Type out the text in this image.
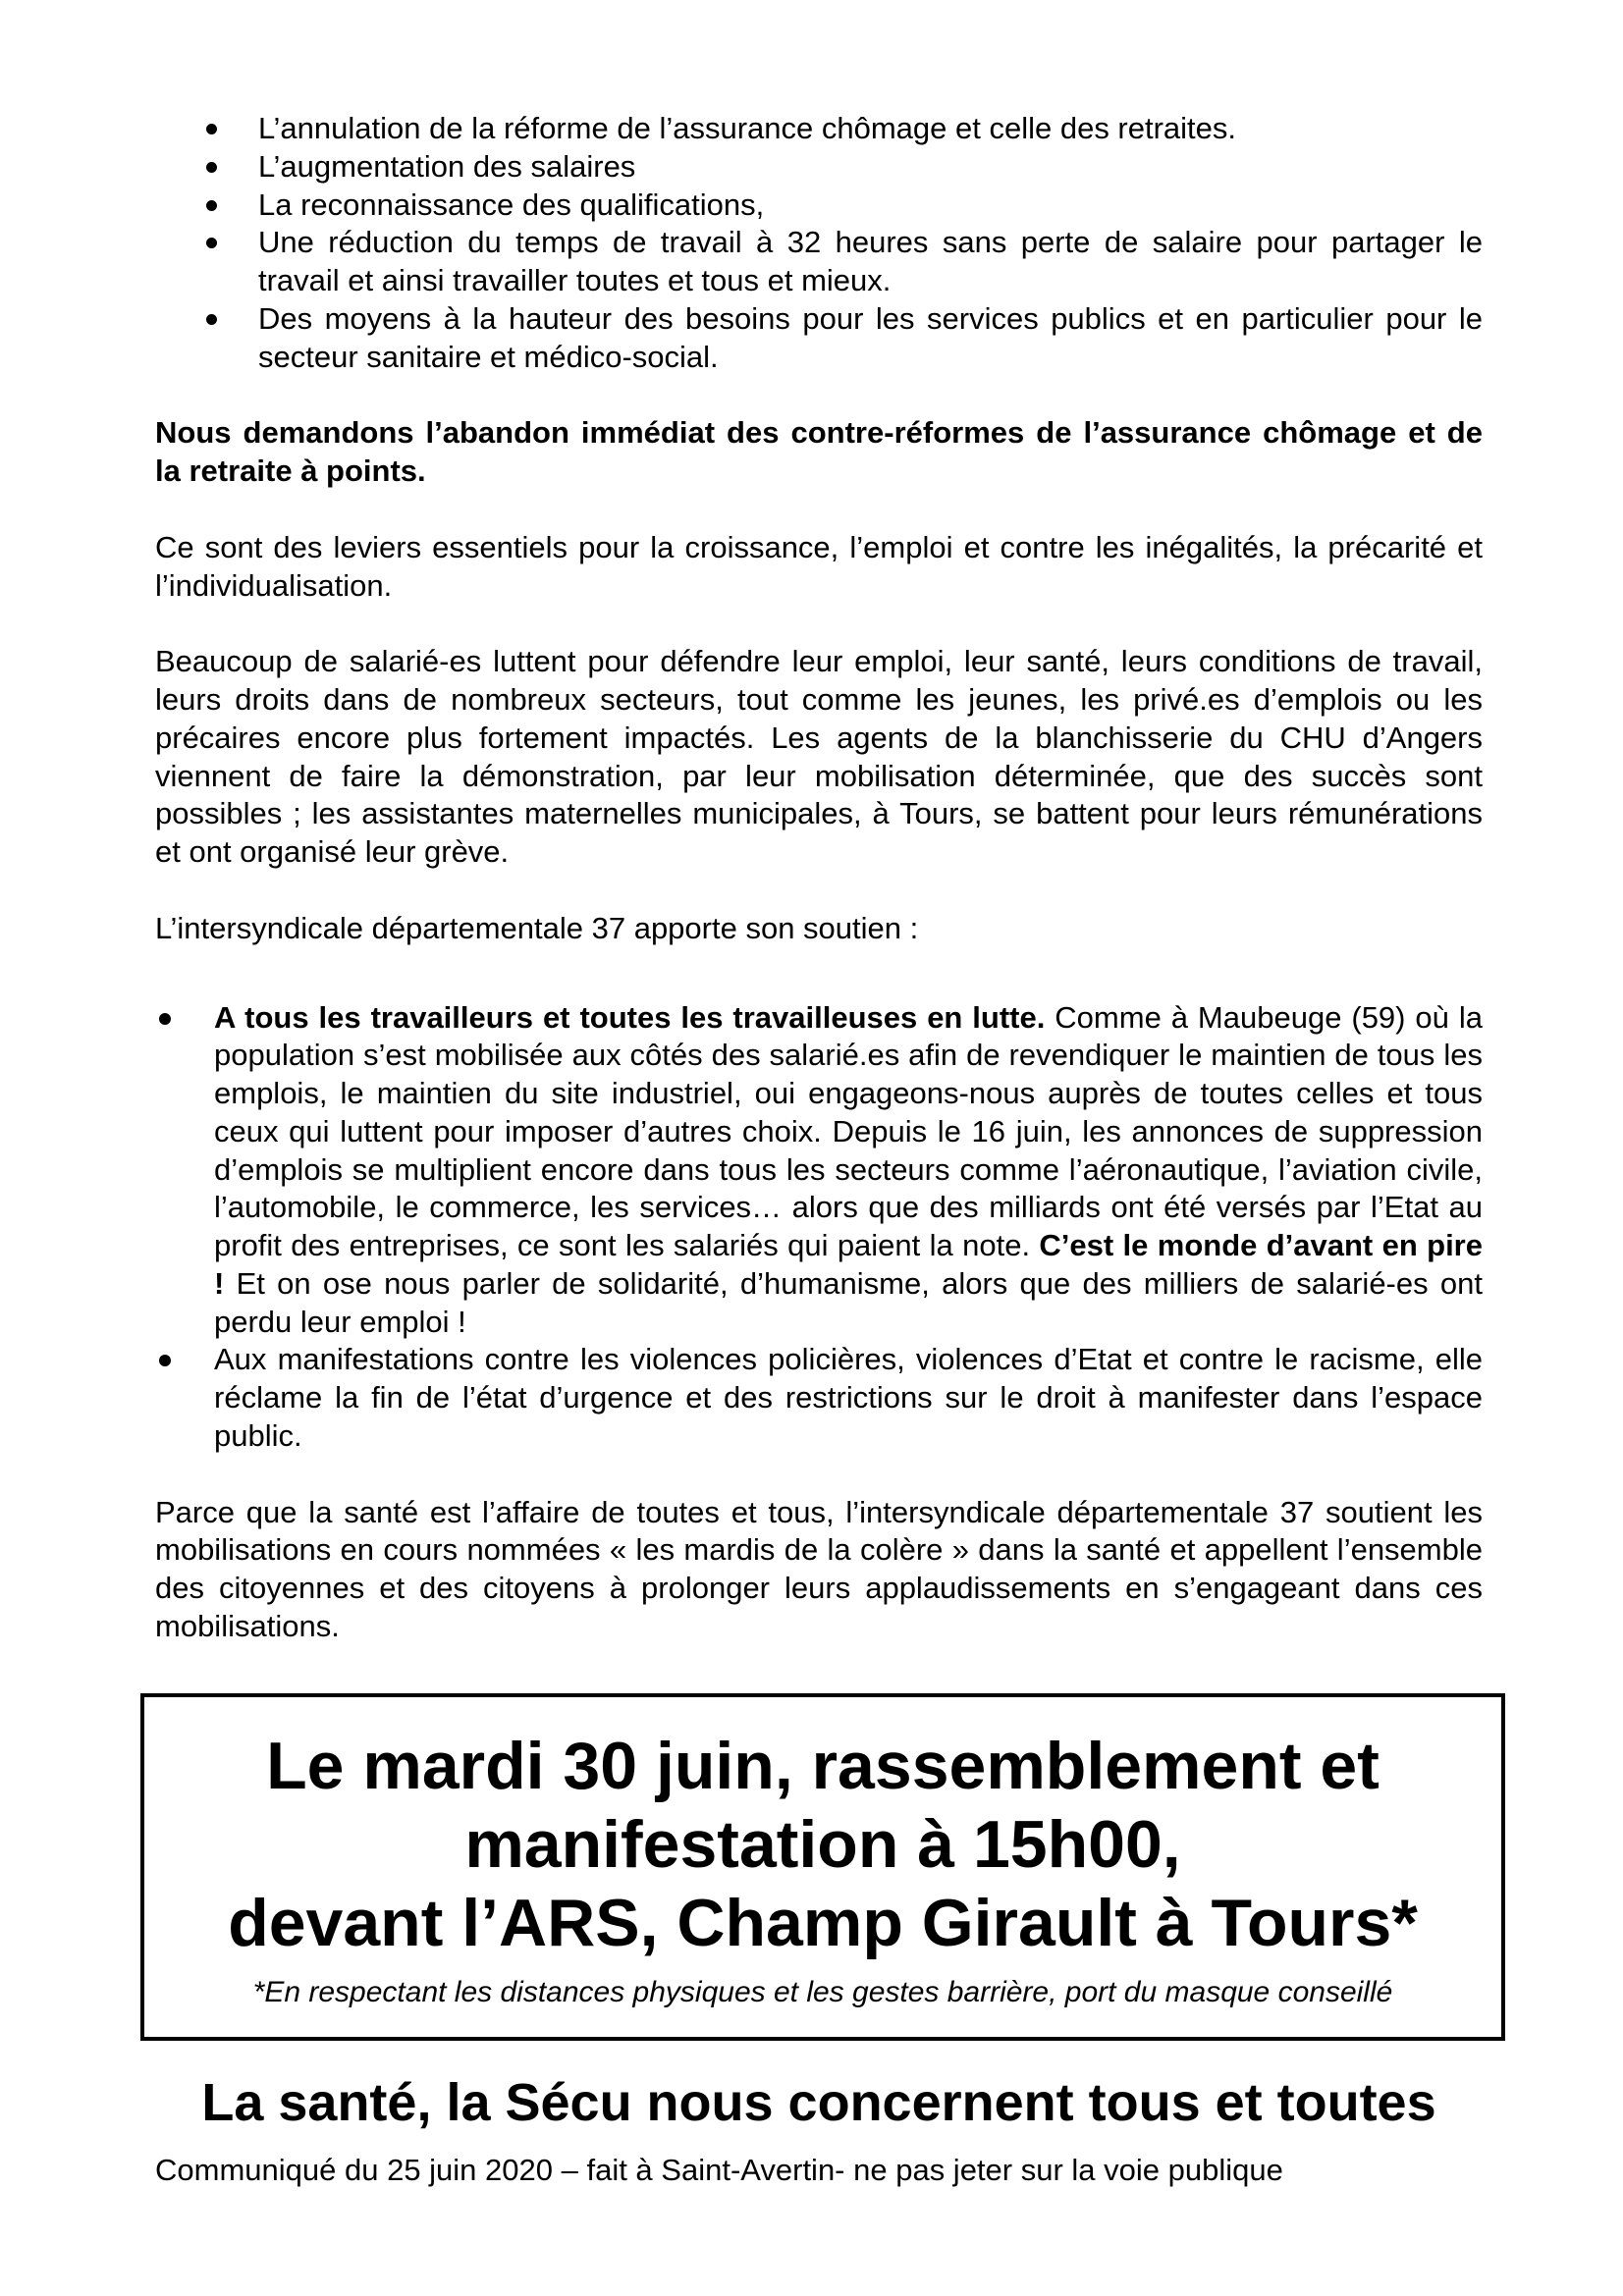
L’annulation de la réforme de l’assurance chômage et celle des retraites.
L’augmentation des salaires
La reconnaissance des qualifications,
Une réduction du temps de travail à 32 heures sans perte de salaire pour partager le travail et ainsi travailler toutes et tous et mieux.
Des moyens à la hauteur des besoins pour les services publics et en particulier pour le secteur sanitaire et médico-social.

Nous demandons l’abandon immédiat des contre-réformes de l’assurance chômage et de la retraite à points.

Ce sont des leviers essentiels pour la croissance, l’emploi et contre les inégalités, la précarité et l’individualisation.

Beaucoup de salarié-es luttent pour défendre leur emploi, leur santé, leurs conditions de travail, leurs droits dans de nombreux secteurs, tout comme les jeunes, les privé.es d’emplois ou les précaires encore plus fortement impactés. Les agents de la blanchisserie du CHU d’Angers viennent de faire la démonstration, par leur mobilisation déterminée, que des succès sont possibles ; les assistantes maternelles municipales, à Tours, se battent pour leurs rémunérations et ont organisé leur grève.

L’intersyndicale départementale 37 apporte son soutien :

A tous les travailleurs et toutes les travailleuses en lutte. Comme à Maubeuge (59) où la population s’est mobilisée aux côtés des salarié.es afin de revendiquer le maintien de tous les emplois, le maintien du site industriel, oui engageons-nous auprès de toutes celles et tous ceux qui luttent pour imposer d’autres choix. Depuis le 16 juin, les annonces de suppression d’emplois se multiplient encore dans tous les secteurs comme l’aéronautique, l’aviation civile, l’automobile, le commerce, les services… alors que des milliards ont été versés par l’Etat au profit des entreprises, ce sont les salariés qui paient la note. C’est le monde d’avant en pire ! Et on ose nous parler de solidarité, d’humanisme, alors que des milliers de salarié-es ont perdu leur emploi !
Aux manifestations contre les violences policières, violences d’Etat et contre le racisme, elle réclame la fin de l’état d’urgence et des restrictions sur le droit à manifester dans l’espace public.

Parce que la santé est l’affaire de toutes et tous, l’intersyndicale départementale 37 soutient les mobilisations en cours nommées « les mardis de la colère » dans la santé et appellent l’ensemble des citoyennes et des citoyens à prolonger leurs applaudissements en s’engageant dans ces mobilisations.

Le mardi 30 juin, rassemblement et
manifestation à 15h00,
devant l’ARS, Champ Girault à Tours*
*En respectant les distances physiques et les gestes barrière, port du masque conseillé
La santé, la Sécu nous concernent tous et toutes
Communiqué du 25 juin 2020 – fait à Saint-Avertin- ne pas jeter sur la voie publique
